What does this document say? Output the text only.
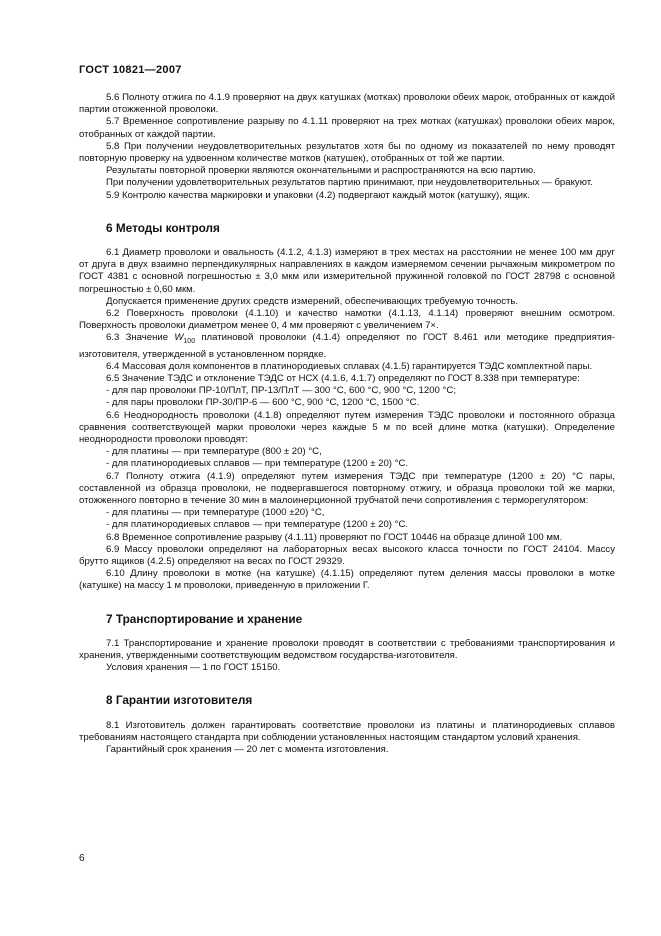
ГОСТ 10821—2007

5.6 Полноту отжига по 4.1.9 проверяют на двух катушках (мотках) проволоки обеих марок, отобранных от каждой партии отожженной проволоки.

5.7 Временное сопротивление разрыву по 4.1.11 проверяют на трех мотках (катушках) проволоки обеих марок, отобранных от каждой партии.

5.8 При получении неудовлетворительных результатов хотя бы по одному из показателей по нему проводят повторную проверку на удвоенном количестве мотков (катушек), отобранных от той же партии.

Результаты повторной проверки являются окончательными и распространяются на всю партию.

При получении удовлетворительных результатов партию принимают, при неудовлетворительных — бракуют.

5.9 Контролю качества маркировки и упаковки (4.2) подвергают каждый моток (катушку), ящик.

6 Методы контроля

6.1 Диаметр проволоки и овальность (4.1.2, 4.1.3) измеряют в трех местах на расстоянии не менее 100 мм друг от друга в двух взаимно перпендикулярных направлениях в каждом измеряемом сечении рычажным микрометром по ГОСТ 4381 с основной погрешностью ± 3,0 мкм или измерительной пружинной головкой по ГОСТ 28798 с основной погрешностью ± 0,60 мкм.

Допускается применение других средств измерений, обеспечивающих требуемую точность.

6.2 Поверхность проволоки (4.1.10) и качество намотки (4.1.13, 4.1.14) проверяют внешним осмотром. Поверхность проволоки диаметром менее 0, 4 мм проверяют с увеличением 7×.

6.3 Значение $W_{100}$ платиновой проволоки (4.1.4) определяют по ГОСТ 8.461 или методике предприятия-изготовителя, утвержденной в установленном порядке.

6.4 Массовая доля компонентов в платинородиевых сплавах (4.1.5) гарантируется ТЭДС комплектной пары.

6.5 Значение ТЭДС и отклонение ТЭДС от НСХ (4.1.6, 4.1.7) определяют по ГОСТ 8.338 при температуре:

- для пар проволоки ПР-10/ПлТ, ПР-13/ПлТ — 300 °С, 600 °С, 900 °С, 1200 °С;

- для пары проволоки ПР-30/ПР-6 — 600 °С, 900 °С, 1200 °С, 1500 °С.

6.6 Неоднородность проволоки (4.1.8) определяют путем измерения ТЭДС проволоки и постоянного образца сравнения соответствующей марки проволоки через каждые 5 м по всей длине мотка (катушки). Определение неоднородности проволоки проводят:

- для платины — при температуре (800 ± 20) °С,

- для платинородиевых сплавов — при температуре (1200 ± 20) °С.

6.7 Полноту отжига (4.1.9) определяют путем измерения ТЭДС при температуре (1200 ± 20) °С пары, составленной из образца проволоки, не подвергавшегося повторному отжигу, и образца проволоки той же марки, отожженного повторно в течение 30 мин в малоинерционной трубчатой печи сопротивления с терморегулятором:

- для платины — при температуре (1000 ±20) °С,

- для платинородиевых сплавов — при температуре (1200 ± 20) °С.

6.8 Временное сопротивление разрыву (4.1.11) проверяют по ГОСТ 10446 на образце длиной 100 мм.

6.9 Массу проволоки определяют на лабораторных весах высокого класса точности по ГОСТ 24104. Массу брутто ящиков (4.2.5) определяют на весах по ГОСТ 29329.

6.10 Длину проволоки в мотке (на катушке) (4.1.15) определяют путем деления массы проволоки в мотке (катушке) на массу 1 м проволоки, приведенную в приложении Г.

7 Транспортирование и хранение

7.1 Транспортирование и хранение проволоки проводят в соответствии с требованиями транспортирования и хранения, утвержденными соответствующим ведомством государства-изготовителя.

Условия хранения — 1 по ГОСТ 15150.

8 Гарантии изготовителя

8.1 Изготовитель должен гарантировать соответствие проволоки из платины и платинородиевых сплавов требованиям настоящего стандарта при соблюдении установленных настоящим стандартом условий хранения.

Гарантийный срок хранения — 20 лет с момента изготовления.

6
